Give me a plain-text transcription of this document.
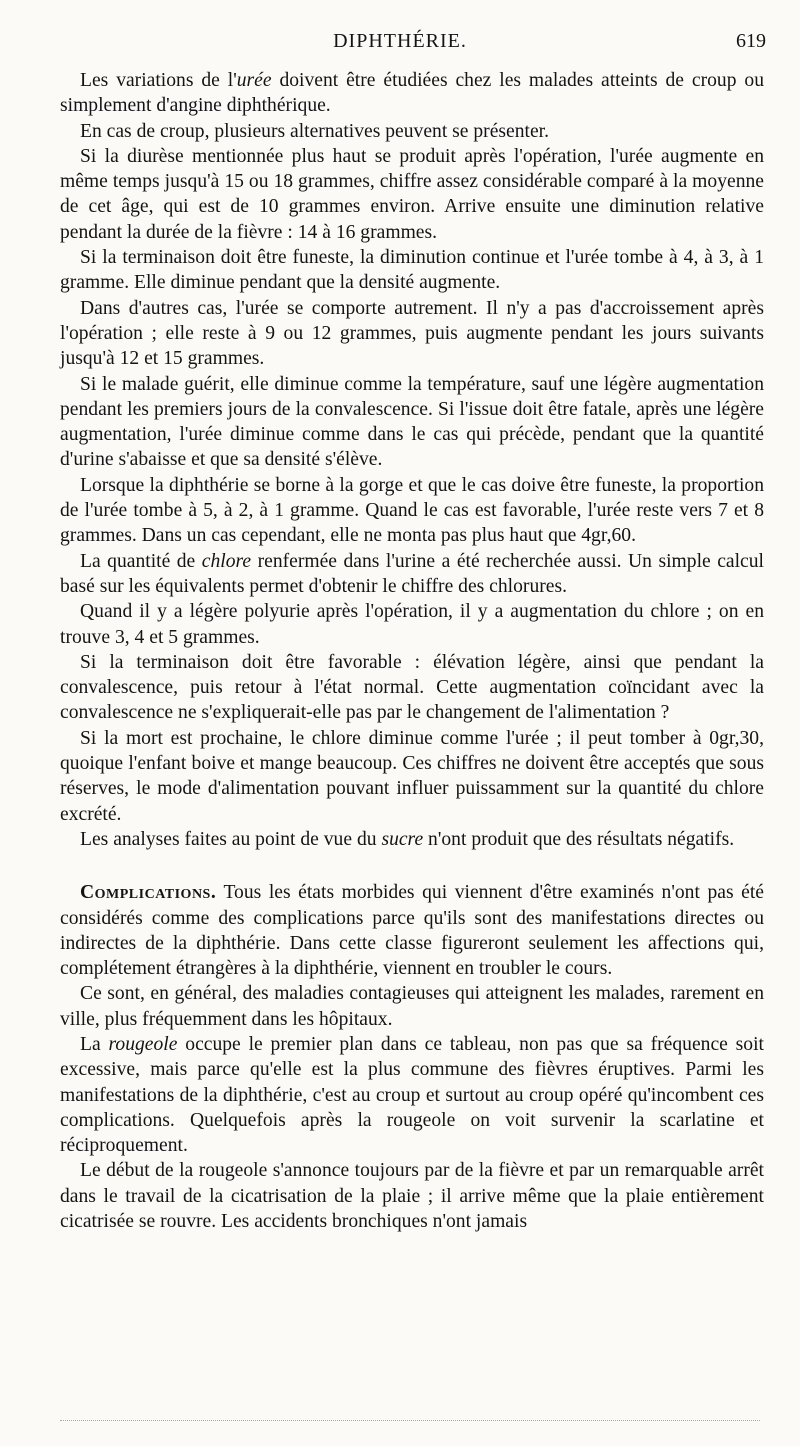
DIPHTHÉRIE.	619

Les variations de l'urée doivent être étudiées chez les malades atteints de croup ou simplement d'angine diphthérique.

En cas de croup, plusieurs alternatives peuvent se présenter.

Si la diurèse mentionnée plus haut se produit après l'opération, l'urée augmente en même temps jusqu'à 15 ou 18 grammes, chiffre assez considérable comparé à la moyenne de cet âge, qui est de 10 grammes environ. Arrive ensuite une diminution relative pendant la durée de la fièvre : 14 à 16 grammes.

Si la terminaison doit être funeste, la diminution continue et l'urée tombe à 4, à 3, à 1 gramme. Elle diminue pendant que la densité augmente.

Dans d'autres cas, l'urée se comporte autrement. Il n'y a pas d'accroissement après l'opération ; elle reste à 9 ou 12 grammes, puis augmente pendant les jours suivants jusqu'à 12 et 15 grammes.

Si le malade guérit, elle diminue comme la température, sauf une légère augmentation pendant les premiers jours de la convalescence. Si l'issue doit être fatale, après une légère augmentation, l'urée diminue comme dans le cas qui précède, pendant que la quantité d'urine s'abaisse et que sa densité s'élève.

Lorsque la diphthérie se borne à la gorge et que le cas doive être funeste, la proportion de l'urée tombe à 5, à 2, à 1 gramme. Quand le cas est favorable, l'urée reste vers 7 et 8 grammes. Dans un cas cependant, elle ne monta pas plus haut que 4gr,60.

La quantité de chlore renfermée dans l'urine a été recherchée aussi. Un simple calcul basé sur les équivalents permet d'obtenir le chiffre des chlorures.

Quand il y a légère polyurie après l'opération, il y a augmentation du chlore ; on en trouve 3, 4 et 5 grammes.

Si la terminaison doit être favorable : élévation légère, ainsi que pendant la convalescence, puis retour à l'état normal. Cette augmentation coïncidant avec la convalescence ne s'expliquerait-elle pas par le changement de l'alimentation ?

Si la mort est prochaine, le chlore diminue comme l'urée ; il peut tomber à 0gr,30, quoique l'enfant boive et mange beaucoup. Ces chiffres ne doivent être acceptés que sous réserves, le mode d'alimentation pouvant influer puissamment sur la quantité du chlore excrété.

Les analyses faites au point de vue du sucre n'ont produit que des résultats négatifs.

Complications. Tous les états morbides qui viennent d'être examinés n'ont pas été considérés comme des complications parce qu'ils sont des manifestations directes ou indirectes de la diphthérie. Dans cette classe figureront seulement les affections qui, complétement étrangères à la diphthérie, viennent en troubler le cours.

Ce sont, en général, des maladies contagieuses qui atteignent les malades, rarement en ville, plus fréquemment dans les hôpitaux.

La rougeole occupe le premier plan dans ce tableau, non pas que sa fréquence soit excessive, mais parce qu'elle est la plus commune des fièvres éruptives. Parmi les manifestations de la diphthérie, c'est au croup et surtout au croup opéré qu'incombent ces complications. Quelquefois après la rougeole on voit survenir la scarlatine et réciproquement.

Le début de la rougeole s'annonce toujours par de la fièvre et par un remarquable arrêt dans le travail de la cicatrisation de la plaie ; il arrive même que la plaie entièrement cicatrisée se rouvre. Les accidents bronchiques n'ont jamais
